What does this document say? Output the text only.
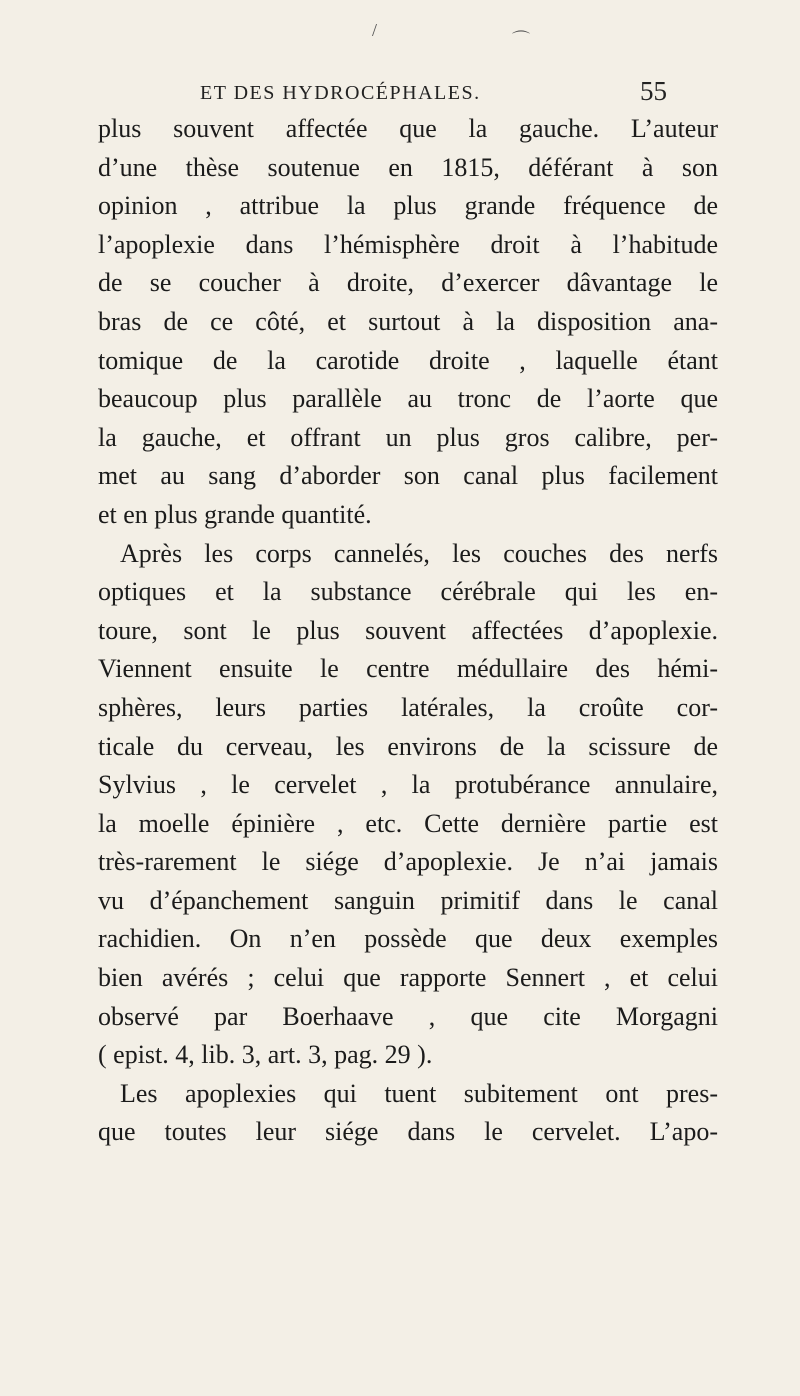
/	⌒
ET DES HYDROCÉPHALES.	55
plus souvent affectée que la gauche. L’auteur
d’une thèse soutenue en 1815, déférant à son
opinion , attribue la plus grande fréquence de
l’apoplexie dans l’hémisphère droit à l’habitude
de se coucher à droite, d’exercer dâvantage le
bras de ce côté, et surtout à la disposition ana-
tomique de la carotide droite , laquelle étant
beaucoup plus parallèle au tronc de l’aorte que
la gauche, et offrant un plus gros calibre, per-
met au sang d’aborder son canal plus facilement
et en plus grande quantité.
Après les corps cannelés, les couches des nerfs
optiques et la substance cérébrale qui les en-
toure, sont le plus souvent affectées d’apoplexie.
Viennent ensuite le centre médullaire des hémi-
sphères, leurs parties latérales, la croûte cor-
ticale du cerveau, les environs de la scissure de
Sylvius , le cervelet , la protubérance annulaire,
la moelle épinière , etc. Cette dernière partie est
très-rarement le siége d’apoplexie. Je n’ai jamais
vu d’épanchement sanguin primitif dans le canal
rachidien. On n’en possède que deux exemples
bien avérés ; celui que rapporte Sennert , et celui
observé par Boerhaave , que cite Morgagni
( epist. 4, lib. 3, art. 3, pag. 29 ).
Les apoplexies qui tuent subitement ont pres-
que toutes leur siége dans le cervelet. L’apo-
